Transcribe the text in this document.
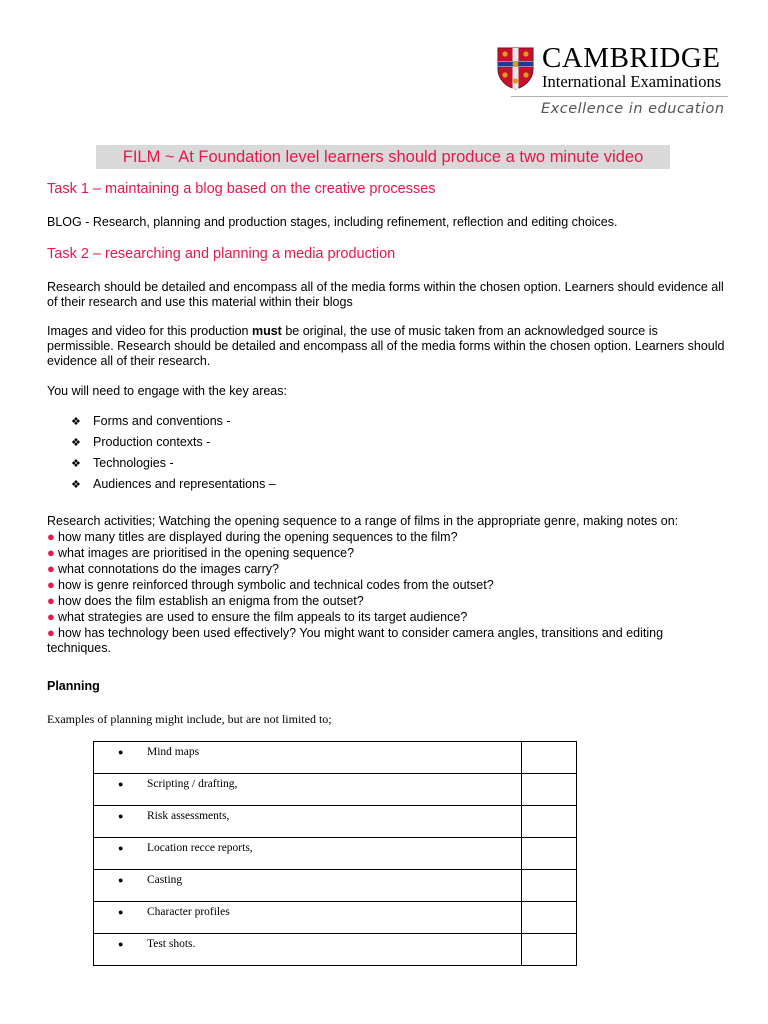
CAMBRIDGE
International Examinations
Excellence in education
FILM ~ At Foundation level learners should produce a two minute video
Task 1 – maintaining a blog based on the creative processes
BLOG - Research, planning and production stages, including refinement, reflection and editing choices.
Task 2 – researching and planning a media production
Research should be detailed and encompass all of the media forms within the chosen option. Learners should evidence all of their research and use this material within their blogs
Images and video for this production must be original, the use of music taken from an acknowledged source is permissible. Research should be detailed and encompass all of the media forms within the chosen option. Learners should evidence all of their research.
You will need to engage with the key areas:
❖ Forms and conventions -
❖ Production contexts -
❖ Technologies -
❖ Audiences and representations –
Research activities; Watching the opening sequence to a range of films in the appropriate genre, making notes on:
● how many titles are displayed during the opening sequences to the film?
● what images are prioritised in the opening sequence?
● what connotations do the images carry?
● how is genre reinforced through symbolic and technical codes from the outset?
● how does the film establish an enigma from the outset?
● what strategies are used to ensure the film appeals to its target audience?
● how has technology been used effectively? You might want to consider camera angles, transitions and editing techniques.
Planning
Examples of planning might include, but are not limited to;
● Mind maps	

● Scripting / drafting,	

● Risk assessments,	

● Location recce reports,	

● Casting	

● Character profiles	

● Test shots.	
